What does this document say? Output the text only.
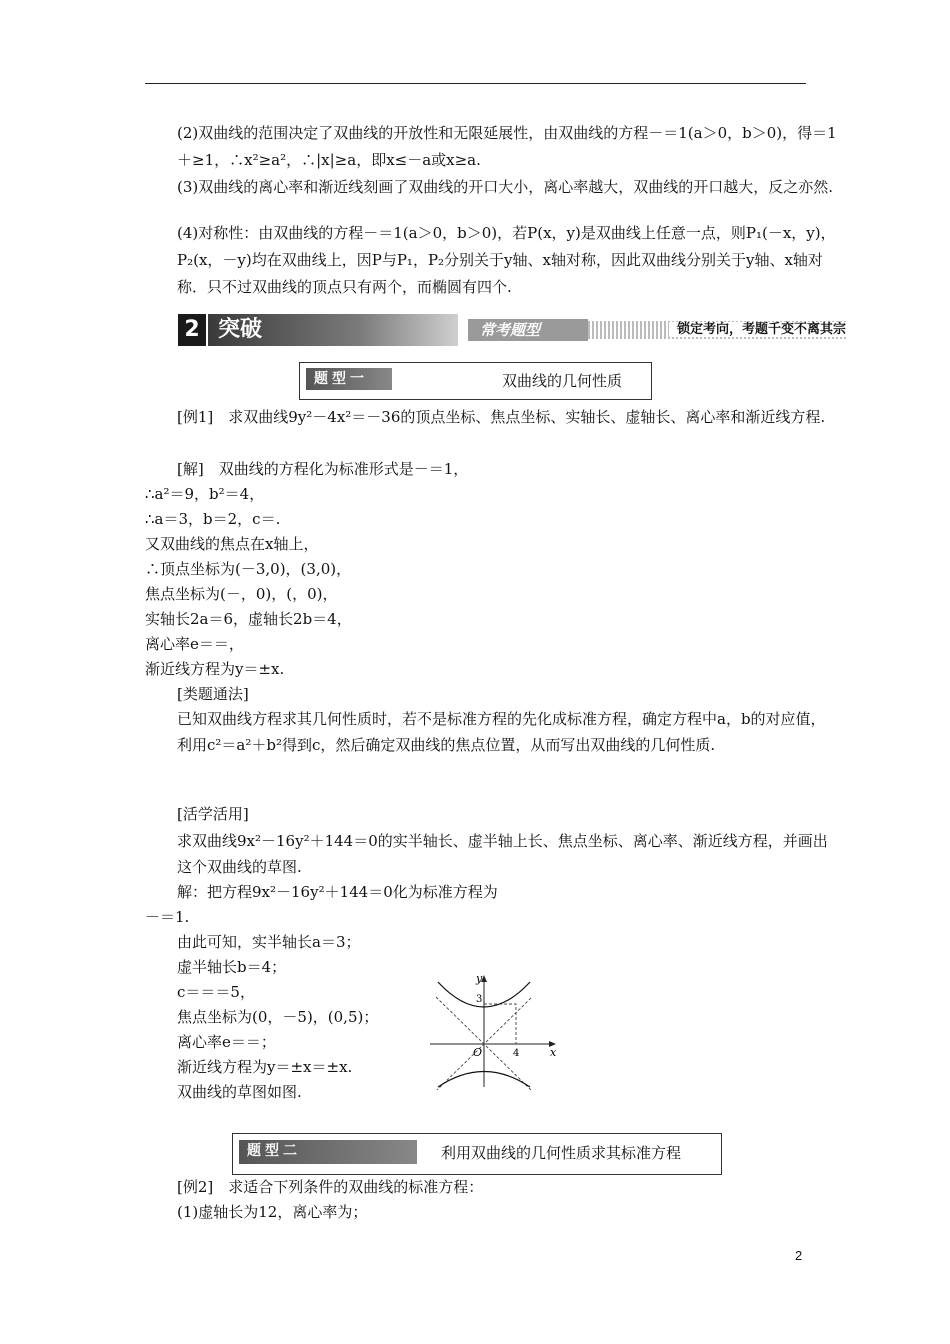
(2)双曲线的范围决定了双曲线的开放性和无限延展性，由双曲线的方程－＝1(a＞0，b＞0)，得＝1＋≥1，∴x²≥a²，∴|x|≥a，即x≤－a或x≥a.
(3)双曲线的离心率和渐近线刻画了双曲线的开口大小，离心率越大，双曲线的开口越大，反之亦然.
(4)对称性：由双曲线的方程－＝1(a＞0，b＞0)，若P(x，y)是双曲线上任意一点，则P₁(－x，y)，P₂(x，－y)均在双曲线上，因P与P₁，P₂分别关于y轴、x轴对称，因此双曲线分别关于y轴、x轴对称．只不过双曲线的顶点只有两个，而椭圆有四个.
2 突破	常考题型	锁定考向，考题千变不离其宗
题型一	双曲线的几何性质
[例1]　求双曲线9y²－4x²＝－36的顶点坐标、焦点坐标、实轴长、虚轴长、离心率和渐近线方程.
[解]　双曲线的方程化为标准形式是－＝1，
∴a²＝9，b²＝4，
∴a＝3，b＝2，c＝.
又双曲线的焦点在x轴上，
∴顶点坐标为(－3,0)，(3,0)，
焦点坐标为(－，0)，(，0)，
实轴长2a＝6，虚轴长2b＝4，
离心率e＝＝，
渐近线方程为y＝±x.
[类题通法]
已知双曲线方程求其几何性质时，若不是标准方程的先化成标准方程，确定方程中a，b的对应值，利用c²＝a²＋b²得到c，然后确定双曲线的焦点位置，从而写出双曲线的几何性质.
[活学活用]
求双曲线9x²－16y²＋144＝0的实半轴长、虚半轴上长、焦点坐标、离心率、渐近线方程，并画出这个双曲线的草图.
解：把方程9x²－16y²＋144＝0化为标准方程为
－＝1.
由此可知，实半轴长a＝3；
虚半轴长b＝4；
c＝＝＝5，
焦点坐标为(0，－5)，(0,5)；
离心率e＝＝；
渐近线方程为y＝±x＝±x.
双曲线的草图如图.
y
x
O
3
4
题型二	利用双曲线的几何性质求其标准方程
[例2]　求适合下列条件的双曲线的标准方程：
(1)虚轴长为12，离心率为；
2
